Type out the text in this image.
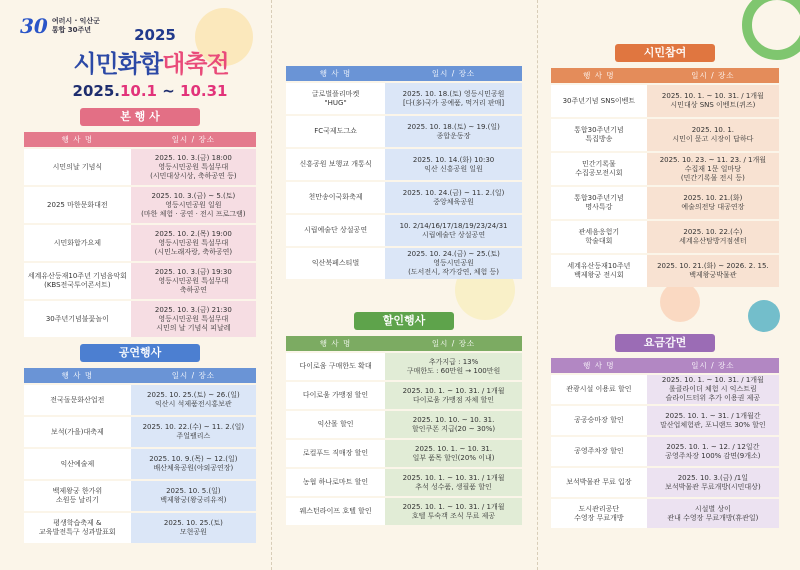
30 여러시 · 익산군
통합 30주년	2025
시민화합대축전
2025.10.1 ~ 10.31
본 행 사
행 사 명	일시 / 장소
시민의날 기념식	2025. 10. 3.(금) 18:00
영등시민공원 특설무대
(시민대상시상, 축하공연 등)
2025 마한문화대전	2025. 10. 3.(금) ~ 5.(토)
영등시민공원 일원
(마한 체험 · 공연 · 전시 프로그램)
시민화합가요제	2025. 10. 2.(목) 19:00
영등시민공원 특설무대
(시민노래자랑, 축하공연)
세계유산등재10주년 기념음악회
(KBS전국투어콘서트)	2025. 10. 3.(금) 19:30
영등시민공원 특설무대
축하공연
30주년기념불꽃놀이	2025. 10. 3.(금) 21:30
영등시민공원 특설무대
시민의 날 기념식 피날레
공연행사
행 사 명	일시 / 장소
전국돌문화산업전	2025. 10. 25.(토) ~ 26.(일)
익산시 석제품전시홍보관
보석(가을)대축제	2025. 10. 22.(수) ~ 11. 2.(일)
주얼팰리스
익산예술제	2025. 10. 9.(목) ~ 12.(일)
배산체육공원(야외공연장)
백제왕궁 한가위
소원등 날리기	2025. 10. 5.(일)
백제왕궁(왕궁리유적)
평생학습축제 &
교육발전특구 성과발표회	2025. 10. 25.(토)
모현공원
행 사 명	일시 / 장소
글로벌플리마켓
"HUG"	2025. 10. 18.(토) 영등시민공원
[다(多)국가 공예품, 먹거리 판매]
FC국제도그쇼	2025. 10. 18.(토) ~ 19.(일)
종합운동장
신흥공원 보행교 개통식	2025. 10. 14.(화) 10:30
익산 신흥공원 일원
천만송이국화축제	2025. 10. 24.(금) ~ 11. 2.(일)
중앙체육공원
시립예술단 상설공연	10. 2/14/16/17/18/19/23/24/31
시립예술단 상설공연
익산북페스티벌	2025. 10. 24.(금) ~ 25.(토)
영등시민공원
(도서전시, 작가강연, 체험 등)
할인행사
행 사 명	일시 / 장소
다이로움 구매한도 확대	추가지급 : 13%
구매한도 : 60만원 → 100만원
다이로움 가맹점 할인	2025. 10. 1. ~ 10. 31. / 1개월
다이로움 가맹점 자체 할인
익산몰 할인	2025. 10. 10. ~ 10. 31.
할인쿠폰 지급(20 ~ 30%)
로컬푸드 직매장 할인	2025. 10. 1. ~ 10. 31.
일부 품목 할인(20% 이내)
농협 하나로마트 할인	2025. 10. 1. ~ 10. 31. / 1개월
추석 성수품, 생필품 할인
웨스턴라이프 호텔 할인	2025. 10. 1. ~ 10. 31. / 1개월
호텔 투숙객 조식 무료 제공
시민참여
행 사 명	일시 / 장소
30주년기념 SNS이벤트	2025. 10. 1. ~ 10. 31. / 1개월
시민대상 SNS 이벤트(퀴즈)
통합30주년기념
특집방송	2025. 10. 1.
시민이 묻고 시장이 답하다
민간기록물
수집공모전시회	2025. 10. 23. ~ 11. 23. / 1개월
수집재 1문 일마당
(민간기록물 전시 등)
통합30주년기념
명사특강	2025. 10. 21.(화)
예술의전당 대공연장
관세음응험기
학술대회	2025. 10. 22.(수)
세계유산탐방거점센터
세계유산등재10주년
백제왕궁 전시회	2025. 10. 21.(화) ~ 2026. 2. 15.
백제왕궁박물관
요금감면
행 사 명	일시 / 장소
관광시설 이용료 할인	2025. 10. 1. ~ 10. 31. / 1개월
롤클라이더 체험 시 익스트림
슬라이드터위 추가 이용권 제공
공공승마장 할인	2025. 10. 1. ~ 31. / 1개월간
말산업체험관, 포니랜드 30% 할인
공영주차장 할인	2025. 10. 1. ~ 12. / 12일간
공영주차장 100% 감면(9개소)
보석박물관 무료 입장	2025. 10. 3.(금) /1일
보석박물관 무료개방(시민대상)
도시관리공단
수영장 무료개방	시설별 상이
관내 수영장 무료개방(휴관일)
